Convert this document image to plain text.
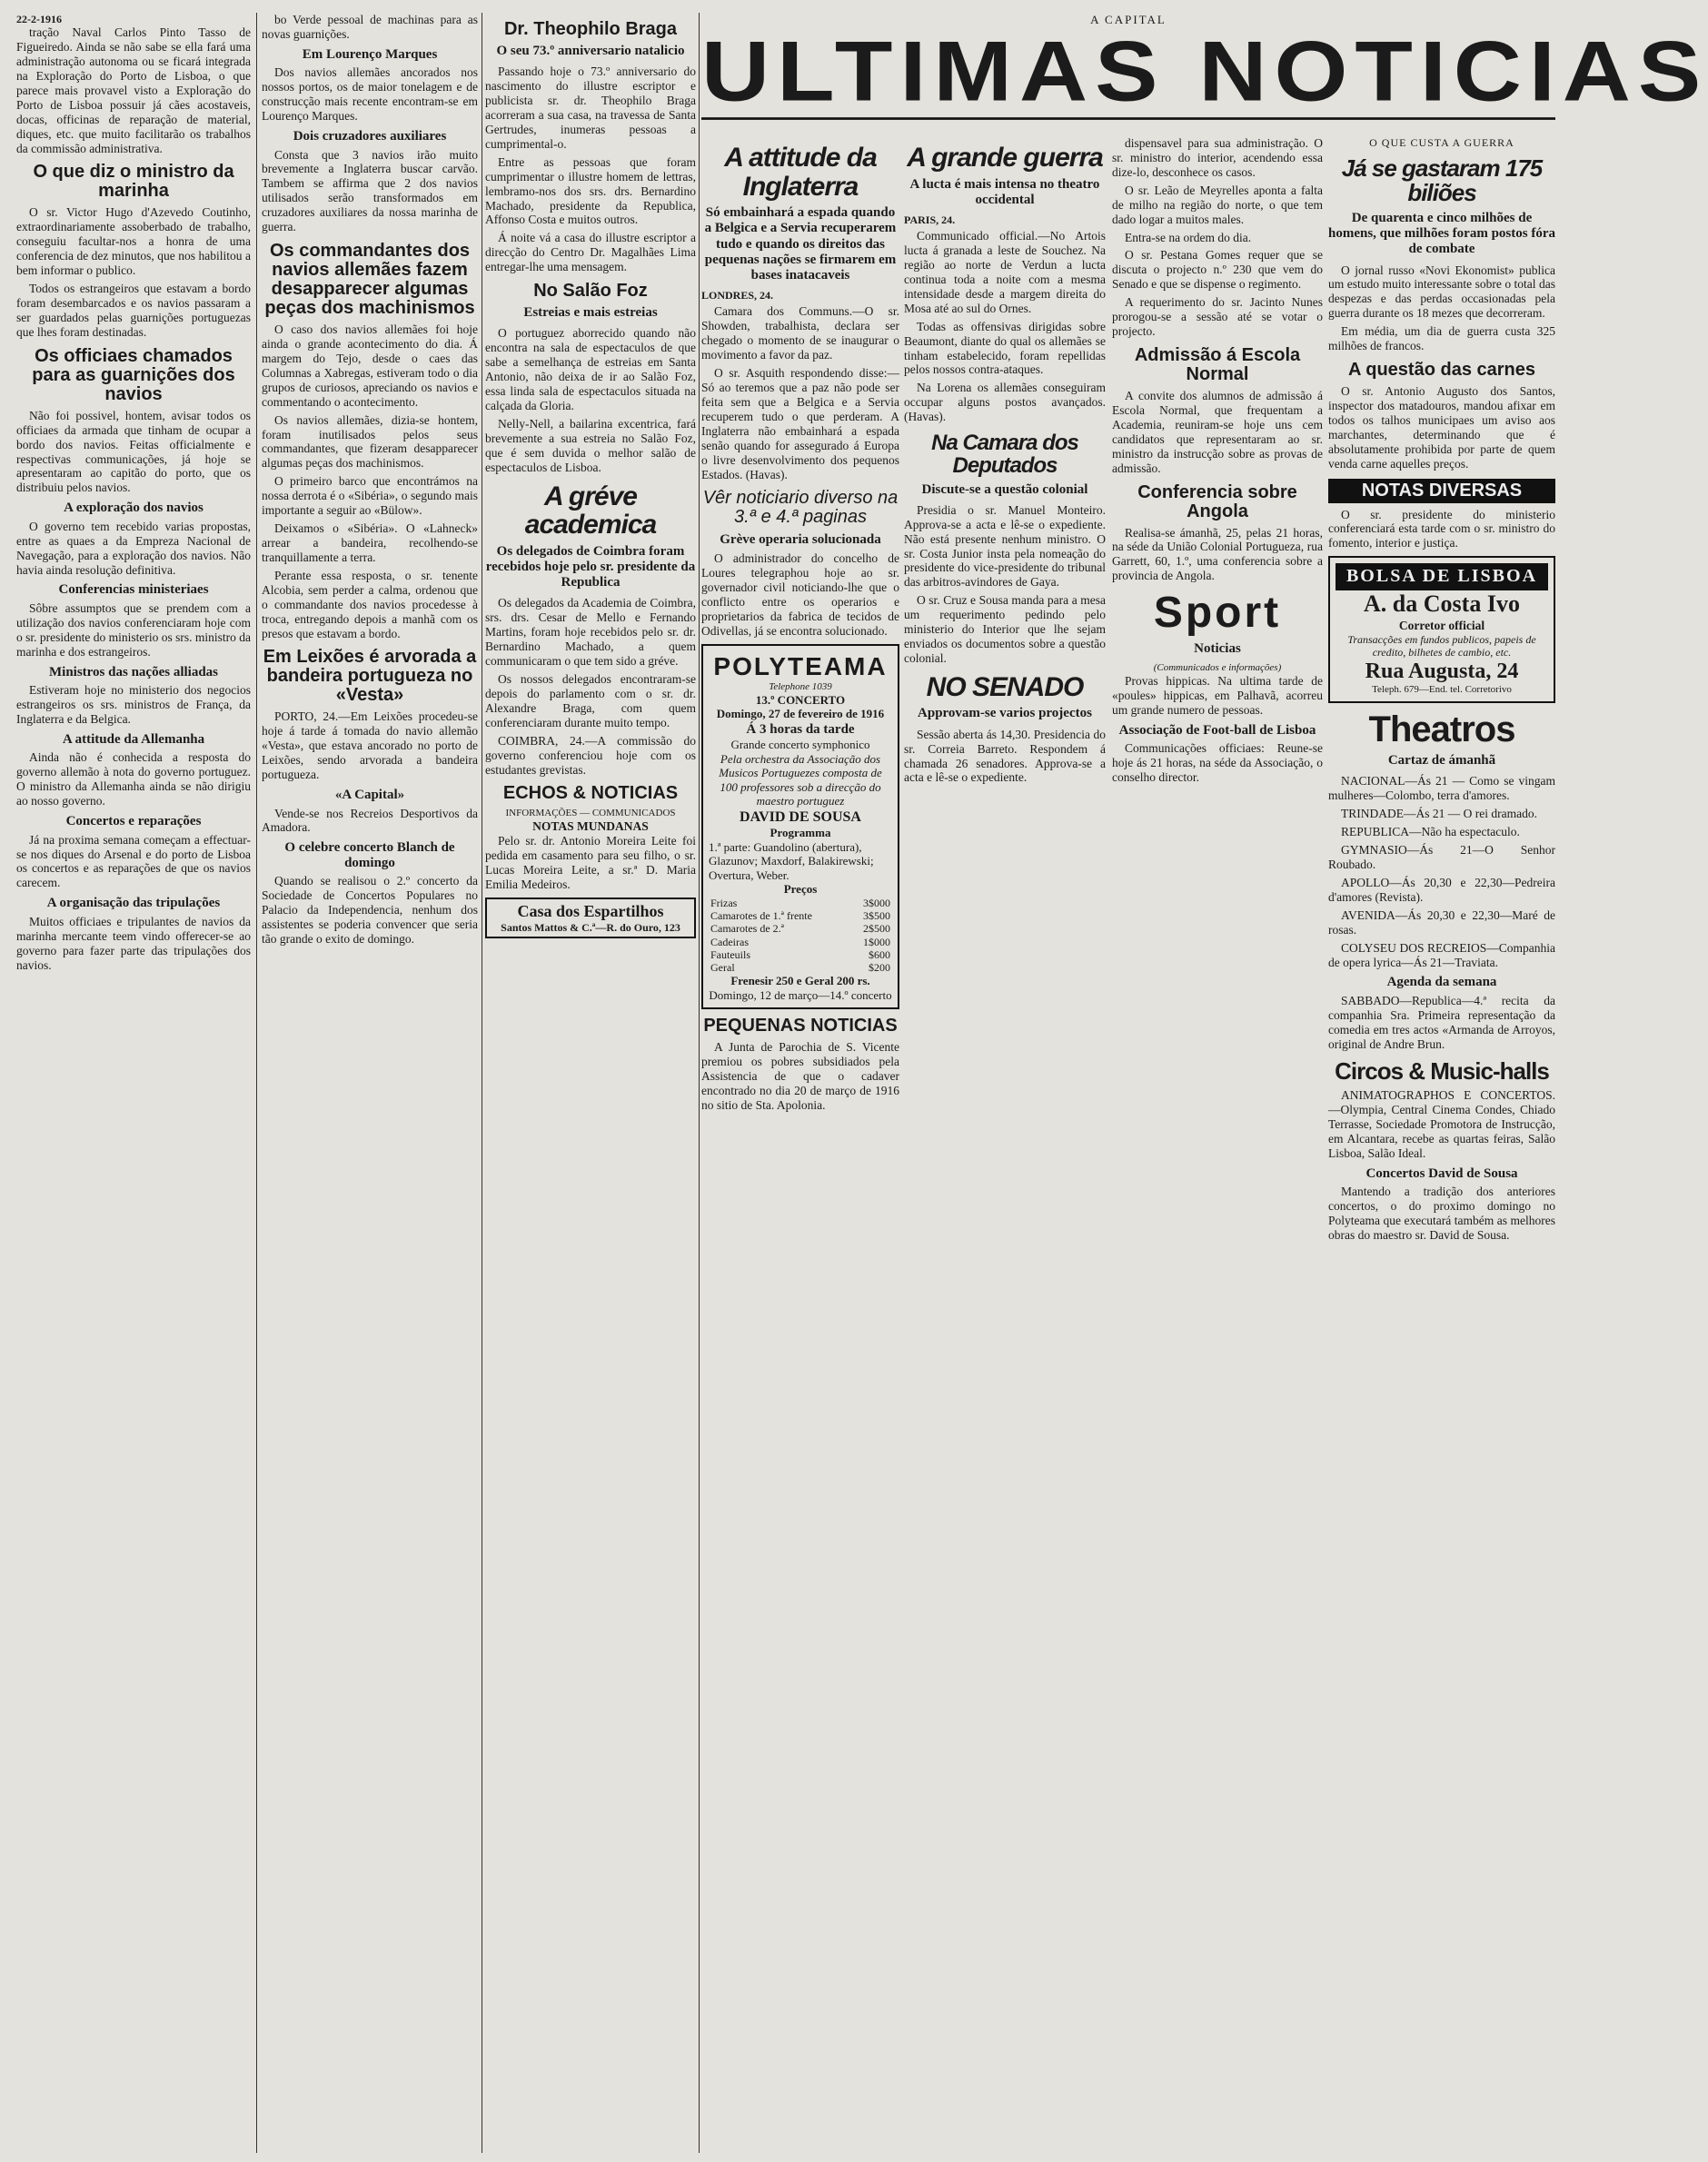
A CAPITAL
ULTIMAS NOTICIAS
22-2-1916

tração Naval Carlos Pinto Tasso de Figueiredo. Ainda se não sabe se ella fará uma administração autonoma ou se ficará integrada na Exploração do Porto de Lisboa, o que parece mais provavel visto a Exploração do Porto de Lisboa possuir já cães acostaveis, docas, officinas de reparação de material, diques, etc. que muito facilitarão os trabalhos da commissão administrativa.

O que diz o ministro da marinha

O sr. Victor Hugo d'Azevedo Coutinho, extraordinariamente assoberbado de trabalho, conseguiu facultar-nos a honra de uma conferencia de dez minutos, que nos habilitou a bem informar o publico.

Todos os estrangeiros que estavam a bordo foram desembarcados e os navios passaram a ser guardados pelas guarnições portuguezas que lhes foram destinadas.

Os officiaes chamados para as guarnições dos navios

Não foi possivel, hontem, avisar todos os officiaes da armada que tinham de ocupar a bordo dos navios. Feitas officialmente e respectivas communicações, já hoje se apresentaram ao capitão do porto, que os distribuiu pelos navios.

A exploração dos navios

O governo tem recebido varias propostas, entre as quaes a da Empreza Nacional de Navegação, para a exploração dos navios. Não havia ainda resolução definitiva.

Conferencias ministeriaes

Sôbre assumptos que se prendem com a utilização dos navios conferenciaram hoje com o sr. presidente do ministerio os srs. ministro da marinha e dos estrangeiros.

Ministros das nações alliadas

Estiveram hoje no ministerio dos negocios estrangeiros os srs. ministros de França, da Inglaterra e da Belgica.

A attitude da Allemanha

Ainda não é conhecida a resposta do governo allemão à nota do governo portuguez. O ministro da Allemanha ainda se não dirigiu ao nosso governo.

Concertos e reparações

Já na proxima semana começam a effectuar-se nos diques do Arsenal e do porto de Lisboa os concertos e as reparações de que os navios carecem.

A organisação das tripulações

Muitos officiaes e tripulantes de navios da marinha mercante teem vindo offerecer-se ao governo para fazer parte das tripulações dos navios.

bo Verde pessoal de machinas para as novas guarnições.

Em Lourenço Marques

Dos navios allemães ancorados nos nossos portos, os de maior tonelagem e de construcção mais recente encontram-se em Lourenço Marques.

Dois cruzadores auxiliares

Consta que 3 navios irão muito brevemente a Inglaterra buscar carvão. Tambem se affirma que 2 dos navios utilisados serão transformados em cruzadores auxiliares da nossa marinha de guerra.

Os commandantes dos navios allemães fazem desapparecer algumas peças dos machinismos

O caso dos navios allemães foi hoje ainda o grande acontecimento do dia. Á margem do Tejo, desde o caes das Columnas a Xabregas, estiveram todo o dia grupos de curiosos, apreciando os navios e commentando o acontecimento.

Os navios allemães, dizia-se hontem, foram inutilisados pelos seus commandantes, que fizeram desapparecer algumas peças dos machinismos.

O primeiro barco que encontrámos na nossa derrota é o «Sibéria», o segundo mais importante a seguir ao «Bülow».

Deixamos o «Sibéria». O «Lahneck» arrear a bandeira, recolhendo-se tranquillamente a terra.

Perante essa resposta, o sr. tenente Alcobia, sem perder a calma, ordenou que o commandante dos navios procedesse à troca, entregando depois a manhã com os presos que estavam a bordo.

Em Leixões é arvorada a bandeira portugueza no «Vesta»

PORTO, 24.—Em Leixões procedeu-se hoje á tarde á tomada do navio allemão «Vesta», que estava ancorado no porto de Leixões, sendo arvorada a bandeira portugueza.

«A Capital»

Vende-se nos Recreios Desportivos da Amadora.

O celebre concerto Blanch de domingo

Quando se realisou o 2.º concerto da Sociedade de Concertos Populares no Palacio da Independencia, nenhum dos assistentes se poderia convencer que seria tão grande o exito de domingo.

Dr. Theophilo Braga
O seu 73.º anniversario natalicio

Passando hoje o 73.º anniversario do nascimento do illustre escriptor e publicista sr. dr. Theophilo Braga acorreram a sua casa, na travessa de Santa Gertrudes, inumeras pessoas a cumprimental-o.

Entre as pessoas que foram cumprimentar o illustre homem de lettras, lembramo-nos dos srs. drs. Bernardino Machado, presidente da Republica, Affonso Costa e muitos outros.

Á noite vá a casa do illustre escriptor a direcção do Centro Dr. Magalhães Lima entregar-lhe uma mensagem.

No Salão Foz
Estreias e mais estreias

O portuguez aborrecido quando não encontra na sala de espectaculos de que sabe a semelhança de estreias em Santa Antonio, não deixa de ir ao Salão Foz, essa linda sala de espectaculos situada na calçada da Gloria.

Nelly-Nell, a bailarina excentrica, fará brevemente a sua estreia no Salão Foz, que é sem duvida o melhor salão de espectaculos de Lisboa.

A gréve academica
Os delegados de Coimbra foram recebidos hoje pelo sr. presidente da Republica

Os delegados da Academia de Coimbra, srs. drs. Cesar de Mello e Fernando Martins, foram hoje recebidos pelo sr. dr. Bernardino Machado, a quem communicaram o que tem sido a gréve.

Os nossos delegados encontraram-se depois do parlamento com o sr. dr. Alexandre Braga, com quem conferenciaram durante muito tempo.

COIMBRA, 24.—A commissão do governo conferenciou hoje com os estudantes grevistas.

ECHOS & NOTICIAS
INFORMAÇÕES — COMMUNICADOS
NOTAS MUNDANAS

Pelo sr. dr. Antonio Moreira Leite foi pedida em casamento para seu filho, o sr. Lucas Moreira Leite, a sr.ª D. Maria Emilia Medeiros.

Casa dos Espartilhos
Santos Mattos & C.ª—R. do Ouro, 123
A attitude da Inglaterra
Só embainhará a espada quando a Belgica e a Servia recuperarem tudo e quando os direitos das pequenas nações se firmarem em bases inatacaveis
LONDRES, 24.

Camara dos Communs.—O sr. Showden, trabalhista, declara ser chegado o momento de se inaugurar o movimento a favor da paz.

O sr. Asquith respondendo disse:—Só ao teremos que a paz não pode ser feita sem que a Belgica e a Servia recuperem tudo o que perderam. A Inglaterra não embainhará a espada senão quando for assegurado á Europa o livre desenvolvimento dos pequenos Estados. (Havas).

Vêr noticiario diverso na 3.ª e 4.ª paginas
Grève operaria solucionada

O administrador do concelho de Loures telegraphou hoje ao sr. governador civil noticiando-lhe que o conflicto entre os operarios e proprietarios da fabrica de tecidos de Odivellas, já se encontra solucionado.

POLYTEAMA
Telephone 1039
13.º CONCERTO
Domingo, 27 de fevereiro de 1916
Á 3 horas da tarde
Grande concerto symphonico
Pela orchestra da Associação dos Musicos Portuguezes composta de 100 professores sob a direcção do maestro portuguez
DAVID DE SOUSA
Programma
1.ª parte: Guandolino (abertura), Glazunov; Maxdorf, Balakirewski; Overtura, Weber.
Preços
Frizas	3$000
Camarotes de 1.ª frente	3$500
Camarotes de 2.ª	2$500
Cadeiras	1$000
Fauteuils	$600
Geral	$200
Frenesir 250 e Geral 200 rs.
Domingo, 12 de março—14.º concerto
PEQUENAS NOTICIAS

A Junta de Parochia de S. Vicente premiou os pobres subsidiados pela Assistencia de que o cadaver encontrado no dia 20 de março de 1916 no sitio de Sta. Apolonia.

A grande guerra
A lucta é mais intensa no theatro occidental
PARIS, 24.

Communicado official.—No Artois lucta á granada a leste de Souchez. Na região ao norte de Verdun a lucta continua toda a noite com a mesma intensidade desde a margem direita do Mosa até ao sul do Ornes.

Todas as offensivas dirigidas sobre Beaumont, diante do qual os allemães se tinham estabelecido, foram repellidas pelos nossos contra-ataques.

Na Lorena os allemães conseguiram occupar alguns postos avançados. (Havas).

Na Camara dos Deputados
Discute-se a questão colonial

Presidia o sr. Manuel Monteiro. Approva-se a acta e lê-se o expediente. Não está presente nenhum ministro. O sr. Costa Junior insta pela nomeação do presidente do vice-presidente do tribunal das arbitros-avindores de Gaya.

O sr. Cruz e Sousa manda para a mesa um requerimento pedindo pelo ministerio do Interior que lhe sejam enviados os documentos sobre a questão colonial.

NO SENADO
Approvam-se varios projectos

Sessão aberta ás 14,30. Presidencia do sr. Correia Barreto. Respondem á chamada 26 senadores. Approva-se a acta e lê-se o expediente.

dispensavel para sua administração. O sr. ministro do interior, acendendo essa dize-lo, desconhece os casos.

O sr. Leão de Meyrelles aponta a falta de milho na região do norte, o que tem dado logar a muitos males.

Entra-se na ordem do dia.

O sr. Pestana Gomes requer que se discuta o projecto n.º 230 que vem do Senado e que se dispense o regimento.

A requerimento do sr. Jacinto Nunes prorogou-se a sessão até se votar o projecto.

Admissão á Escola Normal

A convite dos alumnos de admissão á Escola Normal, que frequentam a Academia, reuniram-se hoje uns cem candidatos que representaram ao sr. ministro da instrucção sobre as provas de admissão.

Conferencia sobre Angola

Realisa-se ámanhã, 25, pelas 21 horas, na séde da União Colonial Portugueza, rua Garrett, 60, 1.º, uma conferencia sobre a provincia de Angola.

Sport
Noticias
(Communicados e informações)

Provas hippicas. Na ultima tarde de «poules» hippicas, em Palhavã, acorreu um grande numero de pessoas.

Associação de Foot-ball de Lisboa

Communicações officiaes: Reune-se hoje ás 21 horas, na séde da Associação, o conselho director.

O QUE CUSTA A GUERRA
Já se gastaram 175 biliões
De quarenta e cinco milhões de homens, que milhões foram postos fóra de combate

O jornal russo «Novi Ekonomist» publica um estudo muito interessante sobre o total das despezas e das perdas occasionadas pela guerra durante os 18 mezes que decorreram.

Em média, um dia de guerra custa 325 milhões de francos.

A questão das carnes

O sr. Antonio Augusto dos Santos, inspector dos matadouros, mandou afixar em todos os talhos municipaes um aviso aos marchantes, determinando que é absolutamente prohibida por parte de quem venda carne aquelles preços.

NOTAS DIVERSAS

O sr. presidente do ministerio conferenciará esta tarde com o sr. ministro do fomento, interior e justiça.

BOLSA DE LISBOA
A. da Costa Ivo
Corretor official
Transacções em fundos publicos, papeis de credito, bilhetes de cambio, etc.
Rua Augusta, 24
Teleph. 679—End. tel. Corretorivo
Theatros
Cartaz de ámanhã

NACIONAL—Ás 21 — Como se vingam mulheres—Colombo, terra d'amores.

TRINDADE—Ás 21 — O rei dramado.

REPUBLICA—Não ha espectaculo.

GYMNASIO—Ás 21—O Senhor Roubado.

APOLLO—Ás 20,30 e 22,30—Pedreira d'amores (Revista).

AVENIDA—Ás 20,30 e 22,30—Maré de rosas.

COLYSEU DOS RECREIOS—Companhia de opera lyrica—Ás 21—Traviata.

Agenda da semana

SABBADO—Republica—4.ª recita da companhia Sra. Primeira representação da comedia em tres actos «Armanda de Arroyos, original de Andre Brun.

Circos & Music-halls

ANIMATOGRAPHOS E CONCERTOS.—Olympia, Central Cinema Condes, Chiado Terrasse, Sociedade Promotora de Instrucção, em Alcantara, recebe as quartas feiras, Salão Lisboa, Salão Ideal.

Concertos David de Sousa

Mantendo a tradição dos anteriores concertos, o do proximo domingo no Polyteama que executará também as melhores obras do maestro sr. David de Sousa.
